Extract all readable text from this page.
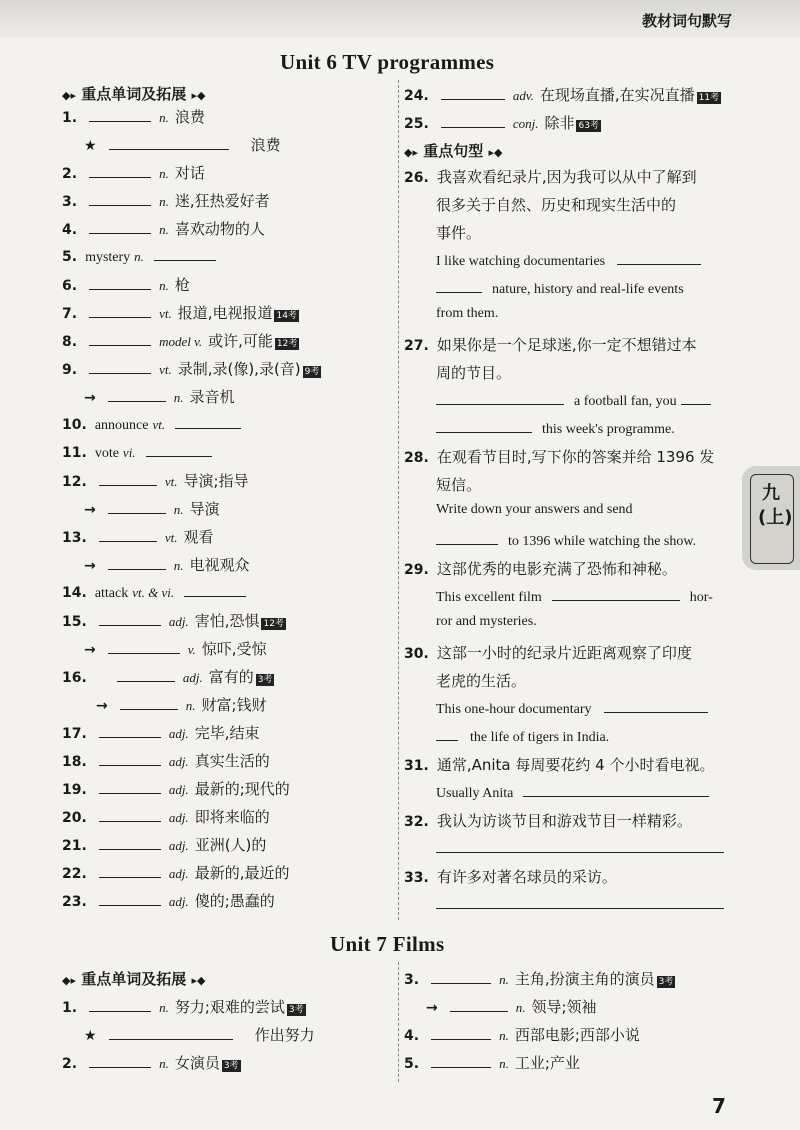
教材词句默写
Unit 6 TV programmes
◆▸ 重点单词及拓展 ▸◆
1.	n. 浪费
★	浪费
2.	n. 对话
3.	n. 迷,狂热爱好者
4.	n. 喜欢动物的人
5. mystery n.
6.	n. 枪
7.	vt. 报道,电视报道 14考
8.	model v. 或许,可能 12考
9.	vt. 录制,录(像),录(音) 9考
→	n. 录音机
10. announce vt.
11. vote vi.
12.	vt. 导演;指导
→	n. 导演
13.	vt. 观看
→	n. 电视观众
14. attack vt. & vi.
15.	adj. 害怕,恐惧 12考
→	v. 惊吓,受惊
16.	adj. 富有的 3考
→	n. 财富;钱财
17.	adj. 完毕,结束
18.	adj. 真实生活的
19.	adj. 最新的;现代的
20.	adj. 即将来临的
21.	adj. 亚洲(人)的
22.	adj. 最新的,最近的
23.	adj. 傻的;愚蠢的
24.	adv. 在现场直播,在实况直播 11考
25.	conj. 除非 63考
◆▸ 重点句型 ▸◆
26. 我喜欢看纪录片,因为我可以从中了解到
很多关于自然、历史和现实生活中的
事件。
I like watching documentaries
nature, history and real-life events
from them.
27. 如果你是一个足球迷,你一定不想错过本
周的节目。
a football fan, you
this week's programme.
28. 在观看节目时,写下你的答案并给 1396 发
短信。
Write down your answers and send
to 1396 while watching the show.
29. 这部优秀的电影充满了恐怖和神秘。
This excellent film	hor-
ror and mysteries.
30. 这部一小时的纪录片近距离观察了印度
老虎的生活。
This one-hour documentary
the life of tigers in India.
31. 通常,Anita 每周要花约 4 个小时看电视。
Usually Anita
32. 我认为访谈节目和游戏节目一样精彩。
33. 有许多对著名球员的采访。
Unit 7 Films
◆▸ 重点单词及拓展 ▸◆
1.	n. 努力;艰难的尝试 3考
★	作出努力
2.	n. 女演员 3考
3.	n. 主角,扮演主角的演员 3考
→	n. 领导;领袖
4.	n. 西部电影;西部小说
5.	n. 工业;产业
九(上)
7
